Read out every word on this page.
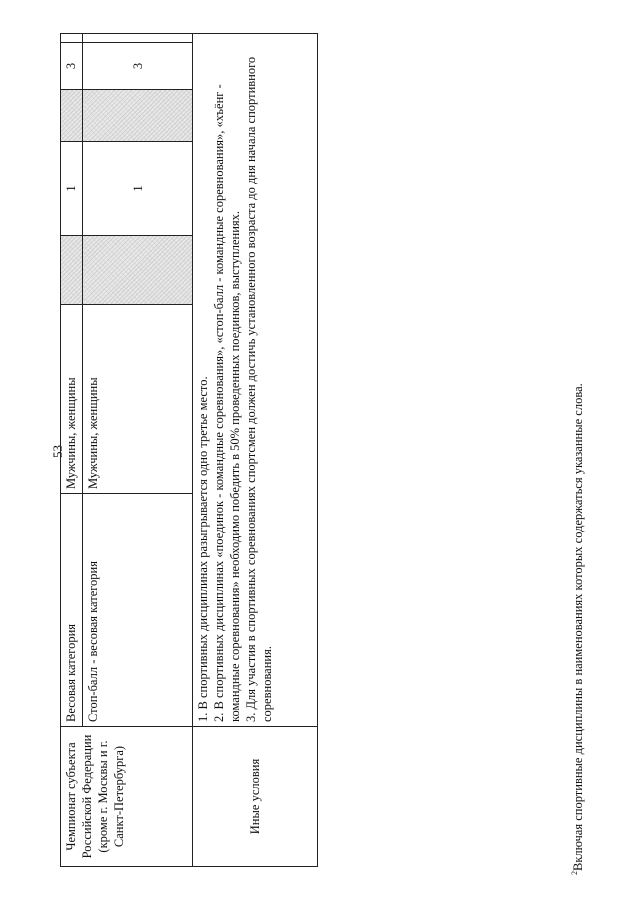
53
Чемпионат субъекта Российской Федерации (кроме г. Москвы и г. Санкт-Петербурга)	Весовая категория	Мужчины, женщины		1		3	
	Стоп-балл - весовая категория	Мужчины, женщины		1		3	
Иные условия	1. В спортивных дисциплинах разыгрывается одно третье место. 2. В спортивных дисциплинах «поединок - командные соревнования», «стоп-балл - командные соревнования», «хъёнг - командные соревнования» необходимо победить в 50% проведенных поединков, выступлениях. 3. Для участия в спортивных соревнованиях спортсмен должен достичь установленного возраста до дня начала спортивного соревнования.						
$^2$Включая спортивные дисциплины в наименованиях которых содержаться указанные слова.
